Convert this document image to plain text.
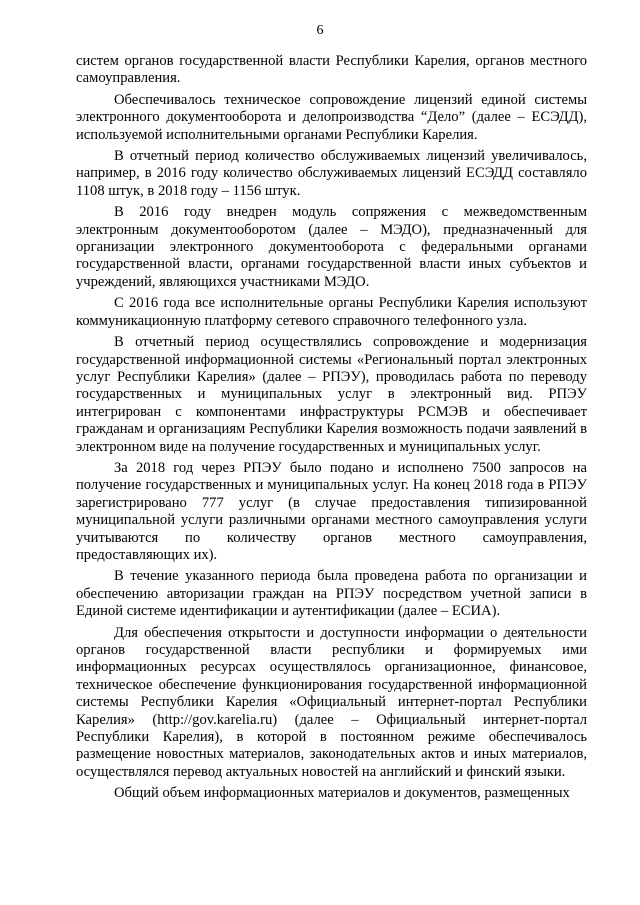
6

систем органов государственной власти Республики Карелия, органов местного самоуправления.

Обеспечивалось техническое сопровождение лицензий единой системы электронного документооборота и делопроизводства “Дело” (далее – ЕСЭДД), используемой исполнительными органами Республики Карелия.

В отчетный период количество обслуживаемых лицензий увеличивалось, например, в 2016 году количество обслуживаемых лицензий ЕСЭДД составляло 1108 штук, в 2018 году – 1156 штук.

В 2016 году внедрен модуль сопряжения с межведомственным электронным документооборотом (далее – МЭДО), предназначенный для организации электронного документооборота с федеральными органами государственной власти, органами государственной власти иных субъектов и учреждений, являющихся участниками МЭДО.

С 2016 года все исполнительные органы Республики Карелия используют коммуникационную платформу сетевого справочного телефонного узла.

В отчетный период осуществлялись сопровождение и модернизация государственной информационной системы «Региональный портал электронных услуг Республики Карелия» (далее – РПЭУ), проводилась работа по переводу государственных и муниципальных услуг в электронный вид. РПЭУ интегрирован с компонентами инфраструктуры РСМЭВ и обеспечивает гражданам и организациям Республики Карелия возможность подачи заявлений в электронном виде на получение государственных и муниципальных услуг.

За 2018 год через РПЭУ было подано и исполнено 7500 запросов на получение государственных и муниципальных услуг. На конец 2018 года в РПЭУ зарегистрировано 777 услуг (в случае предоставления типизированной муниципальной услуги различными органами местного самоуправления услуги учитываются по количеству органов местного самоуправления, предоставляющих их).

В течение указанного периода была проведена работа по организации и обеспечению авторизации граждан на РПЭУ посредством учетной записи в Единой системе идентификации и аутентификации (далее – ЕСИА).

Для обеспечения открытости и доступности информации о деятельности органов государственной власти республики и формируемых ими информационных ресурсах осуществлялось организационное, финансовое, техническое обеспечение функционирования государственной информационной системы Республики Карелия «Официальный интернет-портал Республики Карелия» (http://gov.karelia.ru) (далее – Официальный интернет-портал Республики Карелия), в которой в постоянном режиме обеспечивалось размещение новостных материалов, законодательных актов и иных материалов, осуществлялся перевод актуальных новостей на английский и финский языки.

Общий объем информационных материалов и документов, размещенных
